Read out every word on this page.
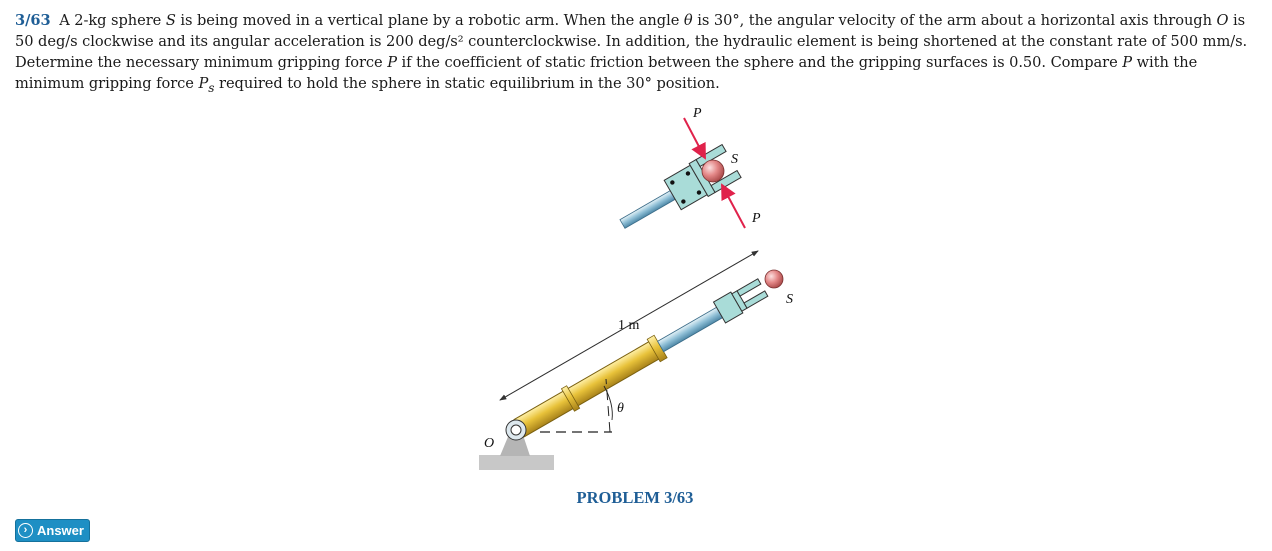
3/63 A 2-kg sphere S is being moved in a vertical plane by a robotic arm. When the angle θ is 30°, the angular velocity of the arm about a horizontal axis through O is 50 deg/s clockwise and its angular acceleration is 200 deg/s² counterclockwise. In addition, the hydraulic element is being shortened at the constant rate of 500 mm/s. Determine the necessary minimum gripping force P if the coefficient of static friction between the sphere and the gripping surfaces is 0.50. Compare P with the minimum gripping force $P_s$ required to hold the sphere in static equilibrium in the 30° position.
P
S
P
S
1 m
θ
O
PROBLEM 3/63
› Answer
